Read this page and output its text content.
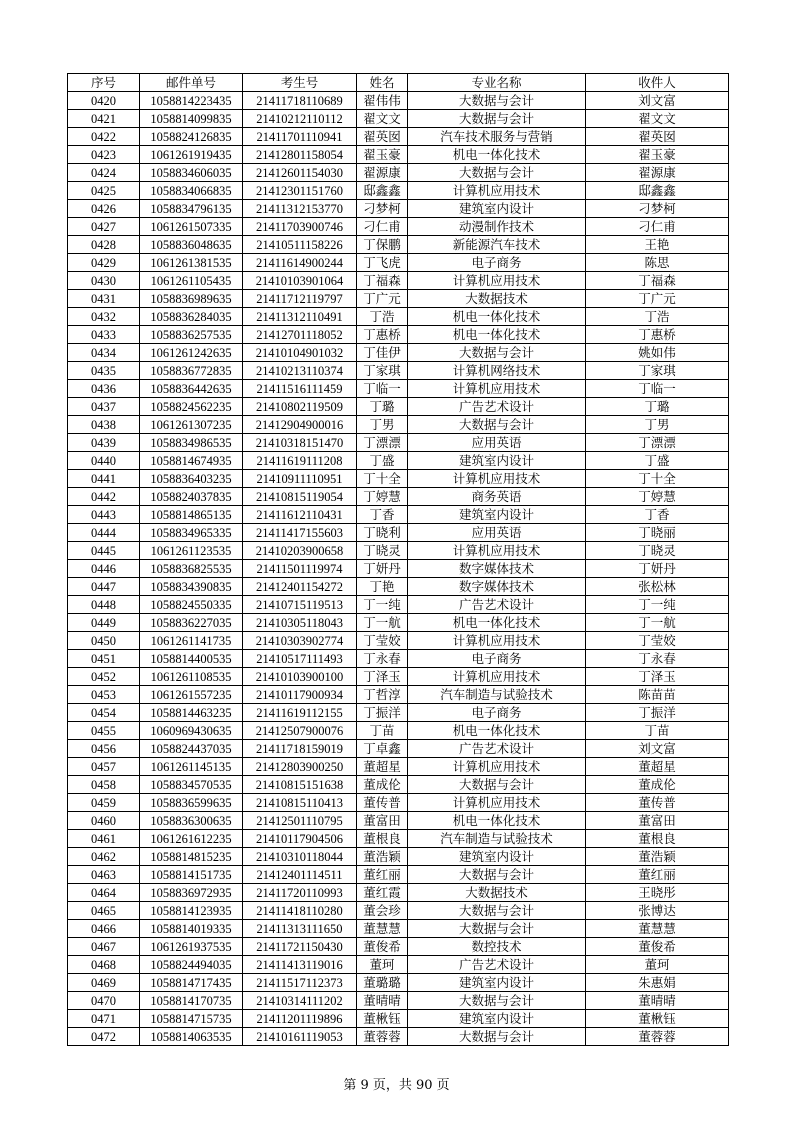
序号	邮件单号	考生号	姓名	专业名称	收件人
0420	1058814223435	21411718110689	翟伟伟	大数据与会计	刘文富
0421	1058814099835	21410212110112	翟文文	大数据与会计	翟文文
0422	1058824126835	21411701110941	翟英囡	汽车技术服务与营销	翟英囡
0423	1061261919435	21412801158054	翟玉豪	机电一体化技术	翟玉豪
0424	1058834606035	21412601154030	翟源康	大数据与会计	翟源康
0425	1058834066835	21412301151760	邸鑫鑫	计算机应用技术	邸鑫鑫
0426	1058834796135	21411312153770	刁梦柯	建筑室内设计	刁梦柯
0427	1061261507335	21411703900746	刁仁甫	动漫制作技术	刁仁甫
0428	1058836048635	21410511158226	丁保鹏	新能源汽车技术	王艳
0429	1061261381535	21411614900244	丁飞虎	电子商务	陈思
0430	1061261105435	21410103901064	丁福森	计算机应用技术	丁福森
0431	1058836989635	21411712119797	丁广元	大数据技术	丁广元
0432	1058836284035	21411312110491	丁浩	机电一体化技术	丁浩
0433	1058836257535	21412701118052	丁惠桥	机电一体化技术	丁惠桥
0434	1061261242635	21410104901032	丁佳伊	大数据与会计	姚如伟
0435	1058836772835	21410213110374	丁家琪	计算机网络技术	丁家琪
0436	1058836442635	21411516111459	丁临一	计算机应用技术	丁临一
0437	1058824562235	21410802119509	丁璐	广告艺术设计	丁璐
0438	1061261307235	21412904900016	丁男	大数据与会计	丁男
0439	1058834986535	21410318151470	丁漂漂	应用英语	丁漂漂
0440	1058814674935	21411619111208	丁盛	建筑室内设计	丁盛
0441	1058836403235	21410911110951	丁十全	计算机应用技术	丁十全
0442	1058824037835	21410815119054	丁婷慧	商务英语	丁婷慧
0443	1058814865135	21411612110431	丁香	建筑室内设计	丁香
0444	1058834965335	21411417155603	丁晓利	应用英语	丁晓丽
0445	1061261123535	21410203900658	丁晓灵	计算机应用技术	丁晓灵
0446	1058836825535	21411501119974	丁妍丹	数字媒体技术	丁妍丹
0447	1058834390835	21412401154272	丁艳	数字媒体技术	张松林
0448	1058824550335	21410715119513	丁一纯	广告艺术设计	丁一纯
0449	1058836227035	21410305118043	丁一航	机电一体化技术	丁一航
0450	1061261141735	21410303902774	丁莹姣	计算机应用技术	丁莹姣
0451	1058814400535	21410517111493	丁永春	电子商务	丁永春
0452	1061261108535	21410103900100	丁泽玉	计算机应用技术	丁泽玉
0453	1061261557235	21410117900934	丁哲淳	汽车制造与试验技术	陈苗苗
0454	1058814463235	21411619112155	丁振洋	电子商务	丁振洋
0455	1060969430635	21412507900076	丁苗	机电一体化技术	丁苗
0456	1058824437035	21411718159019	丁卓鑫	广告艺术设计	刘文富
0457	1061261145135	21412803900250	董超星	计算机应用技术	董超星
0458	1058834570535	21410815151638	董成伦	大数据与会计	董成伦
0459	1058836599635	21410815110413	董传普	计算机应用技术	董传普
0460	1058836300635	21412501110795	董富田	机电一体化技术	董富田
0461	1061261612235	21410117904506	董根良	汽车制造与试验技术	董根良
0462	1058814815235	21410310118044	董浩颖	建筑室内设计	董浩颖
0463	1058814151735	21412401114511	董红丽	大数据与会计	董红丽
0464	1058836972935	21411720110993	董红霞	大数据技术	王晓彤
0465	1058814123935	21411418110280	董会珍	大数据与会计	张博达
0466	1058814019335	21411313111650	董慧慧	大数据与会计	董慧慧
0467	1061261937535	21411721150430	董俊希	数控技术	董俊希
0468	1058824494035	21411413119016	董珂	广告艺术设计	董珂
0469	1058814717435	21411517112373	董璐璐	建筑室内设计	朱惠娟
0470	1058814170735	21410314111202	董晴晴	大数据与会计	董晴晴
0471	1058814715735	21411201119896	董楸钰	建筑室内设计	董楸钰
0472	1058814063535	21410161119053	董蓉蓉	大数据与会计	董蓉蓉
第 9 页，共 90 页
